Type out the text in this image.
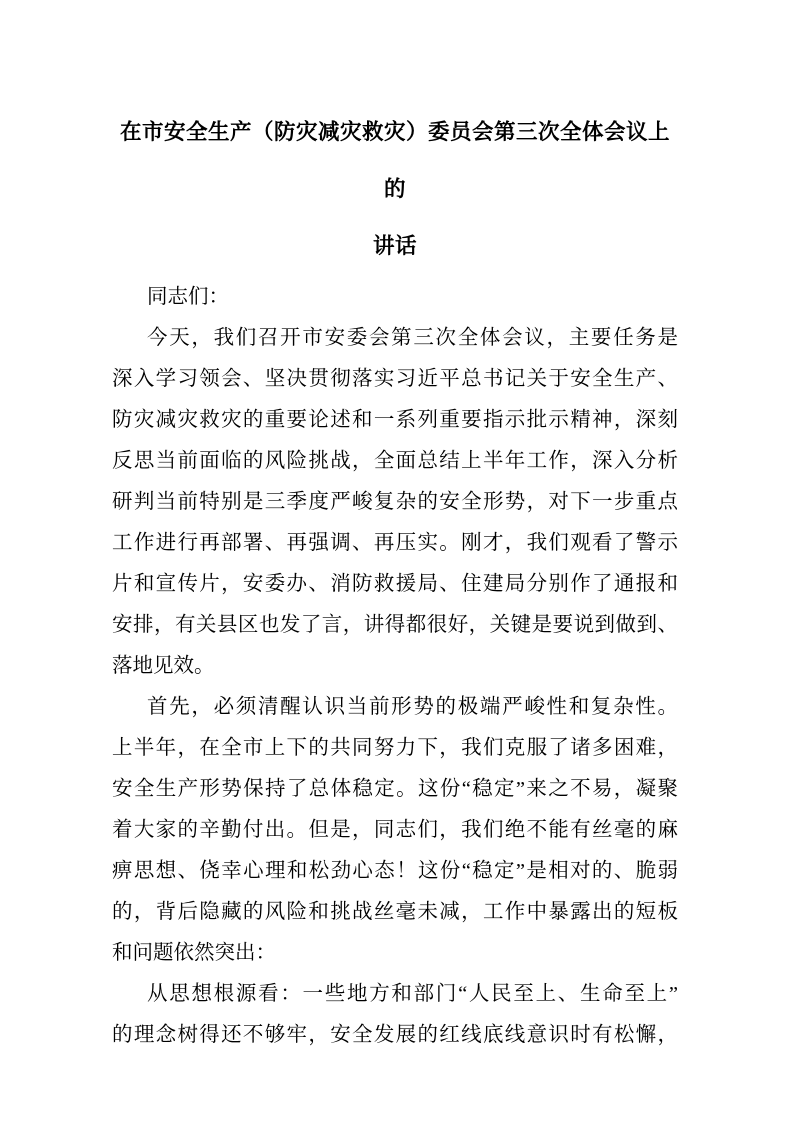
在市安全生产（防灾减灾救灾）委员会第三次全体会议上的
讲话
同志们：
今天，我们召开市安委会第三次全体会议，主要任务是
深入学习领会、坚决贯彻落实习近平总书记关于安全生产、
防灾减灾救灾的重要论述和一系列重要指示批示精神，深刻
反思当前面临的风险挑战，全面总结上半年工作，深入分析
研判当前特别是三季度严峻复杂的安全形势，对下一步重点
工作进行再部署、再强调、再压实。刚才，我们观看了警示
片和宣传片，安委办、消防救援局、住建局分别作了通报和
安排，有关县区也发了言，讲得都很好，关键是要说到做到、
落地见效。
首先，必须清醒认识当前形势的极端严峻性和复杂性。
上半年，在全市上下的共同努力下，我们克服了诸多困难，
安全生产形势保持了总体稳定。这份“稳定”来之不易，凝聚
着大家的辛勤付出。但是，同志们，我们绝不能有丝毫的麻
痹思想、侥幸心理和松劲心态！这份“稳定”是相对的、脆弱
的，背后隐藏的风险和挑战丝毫未减，工作中暴露出的短板
和问题依然突出：
从思想根源看：一些地方和部门“人民至上、生命至上”
的理念树得还不够牢，安全发展的红线底线意识时有松懈，
